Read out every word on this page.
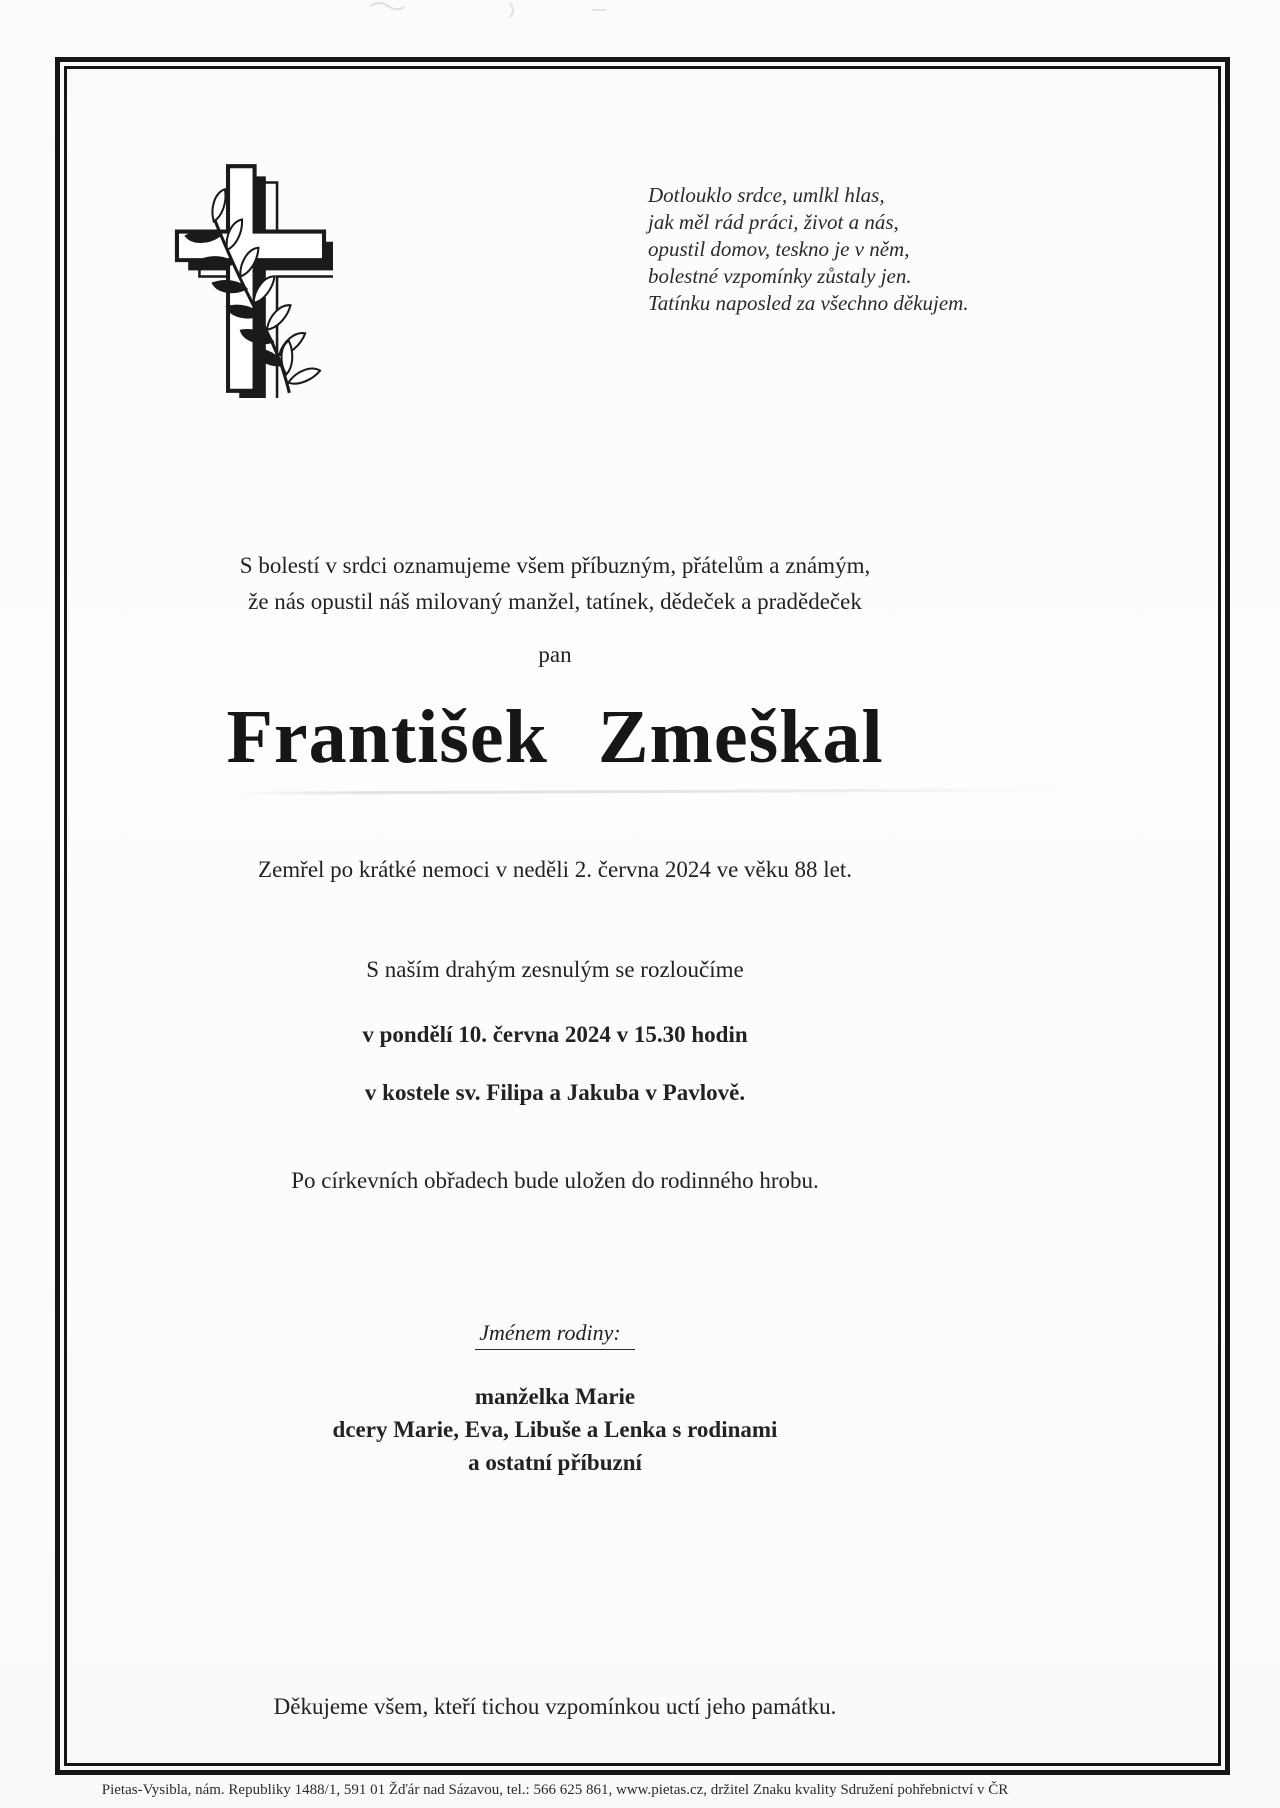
Dotlouklo srdce, umlkl hlas,
jak měl rád práci, život a nás,
opustil domov, teskno je v něm,
bolestné vzpomínky zůstaly jen.
Tatínku naposled za všechno děkujem.
S bolestí v srdci oznamujeme všem příbuzným, přátelům a známým,
že nás opustil náš milovaný manžel, tatínek, dědeček a pradědeček
pan
František Zmeškal
Zemřel po krátké nemoci v neděli 2. června 2024 ve věku 88 let.
S naším drahým zesnulým se rozloučíme
v pondělí 10. června 2024 v 15.30 hodin
v kostele sv. Filipa a Jakuba v Pavlově.
Po církevních obřadech bude uložen do rodinného hrobu.
Jménem rodiny:
manželka Marie
dcery Marie, Eva, Libuše a Lenka s rodinami
a ostatní příbuzní
Děkujeme všem, kteří tichou vzpomínkou uctí jeho památku.
Pietas-Vysibla, nám. Republiky 1488/1, 591 01 Žďár nad Sázavou, tel.: 566 625 861, www.pietas.cz, držitel Znaku kvality Sdružení pohřebnictví v ČR
